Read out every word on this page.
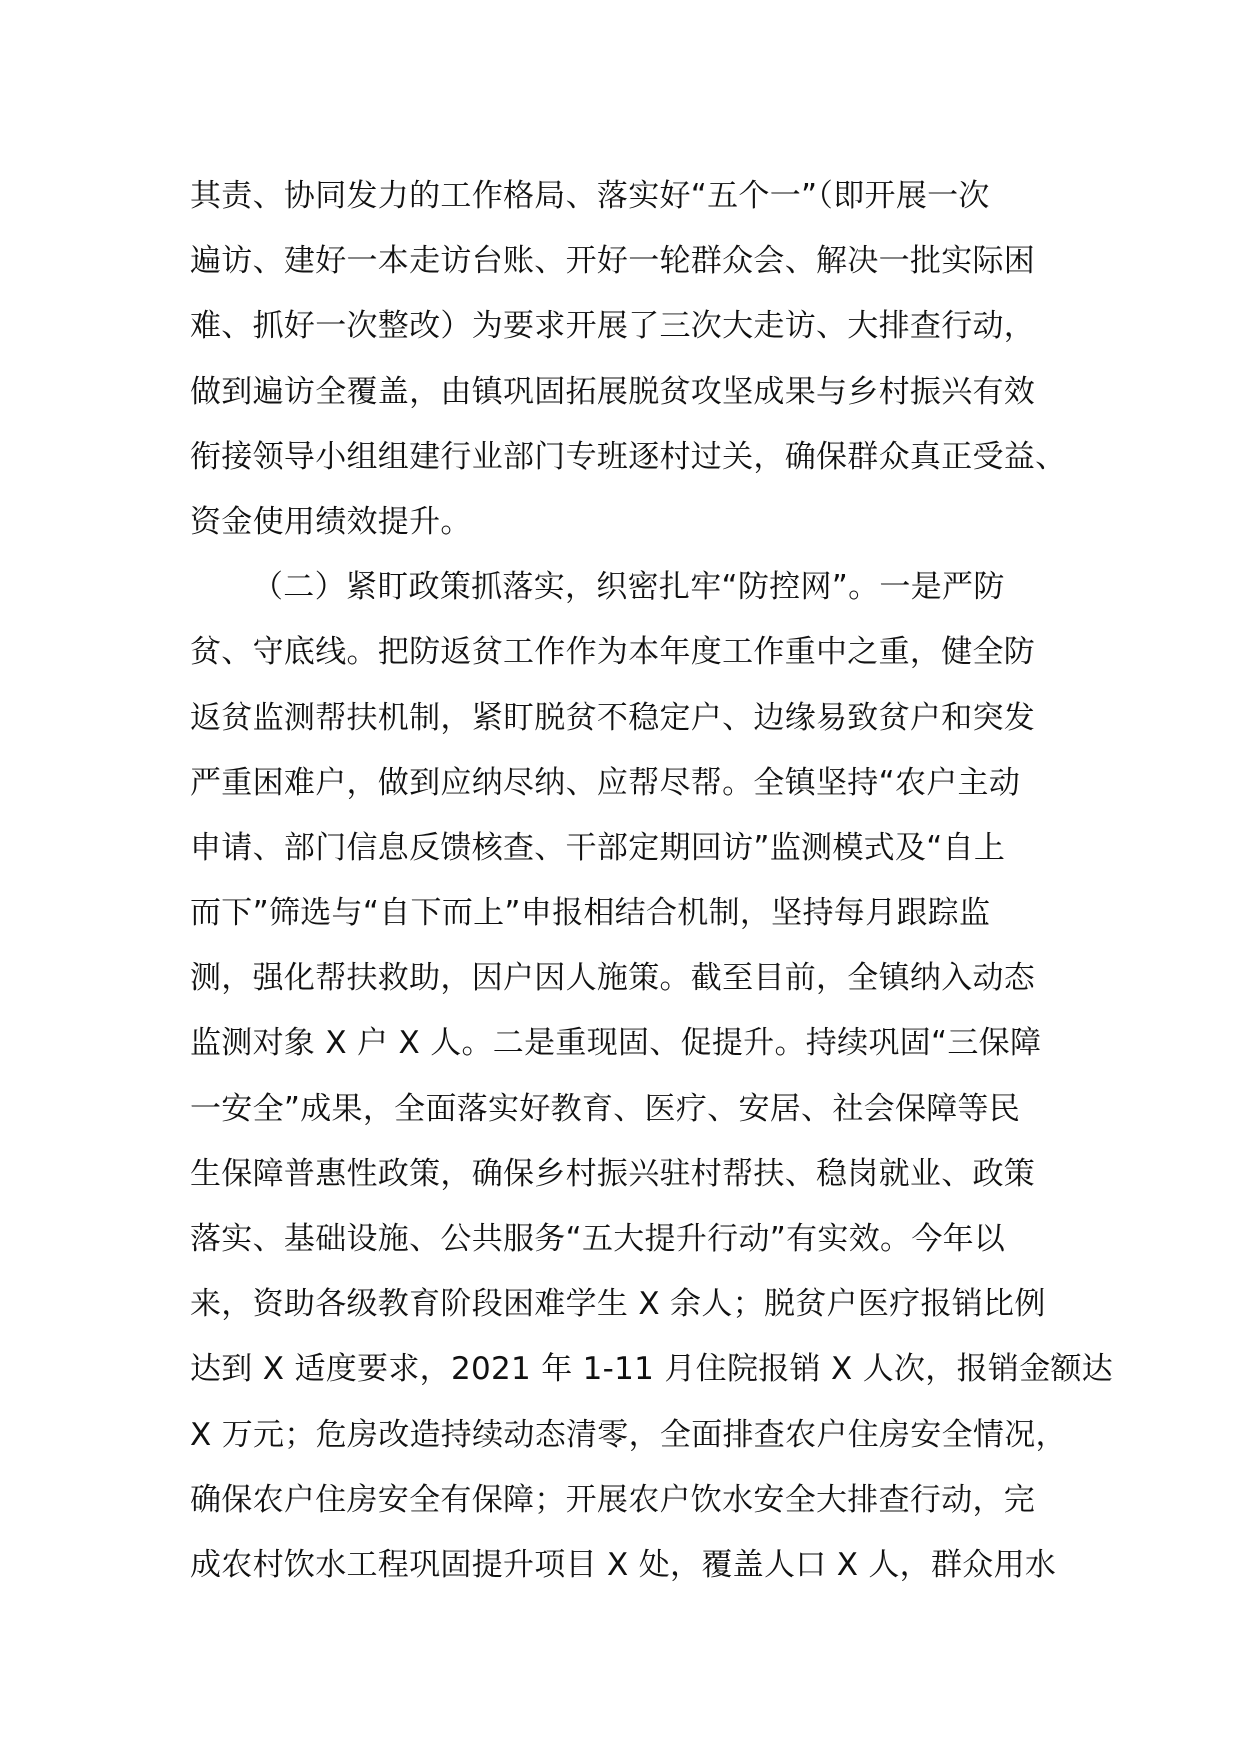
其责、协同发力的工作格局、落实好“五个一”（即开展一次
遍访、建好一本走访台账、开好一轮群众会、解决一批实际困
难、抓好一次整改）为要求开展了三次大走访、大排查行动，
做到遍访全覆盖，由镇巩固拓展脱贫攻坚成果与乡村振兴有效
衔接领导小组组建行业部门专班逐村过关，确保群众真正受益、
资金使用绩效提升。
（二）紧盯政策抓落实，织密扎牢“防控网”。一是严防
贫、守底线。把防返贫工作作为本年度工作重中之重，健全防
返贫监测帮扶机制，紧盯脱贫不稳定户、边缘易致贫户和突发
严重困难户，做到应纳尽纳、应帮尽帮。全镇坚持“农户主动
申请、部门信息反馈核查、干部定期回访”监测模式及“自上
而下”筛选与“自下而上”申报相结合机制，坚持每月跟踪监
测，强化帮扶救助，因户因人施策。截至目前，全镇纳入动态
监测对象 X 户 X 人。二是重现固、促提升。持续巩固“三保障
一安全”成果，全面落实好教育、医疗、安居、社会保障等民
生保障普惠性政策，确保乡村振兴驻村帮扶、稳岗就业、政策
落实、基础设施、公共服务“五大提升行动”有实效。今年以
来，资助各级教育阶段困难学生 X 余人；脱贫户医疗报销比例
达到 X 适度要求，2021 年 1-11 月住院报销 X 人次，报销金额达
X 万元；危房改造持续动态清零，全面排查农户住房安全情况，
确保农户住房安全有保障；开展农户饮水安全大排查行动，完
成农村饮水工程巩固提升项目 X 处，覆盖人口 X 人，群众用水
